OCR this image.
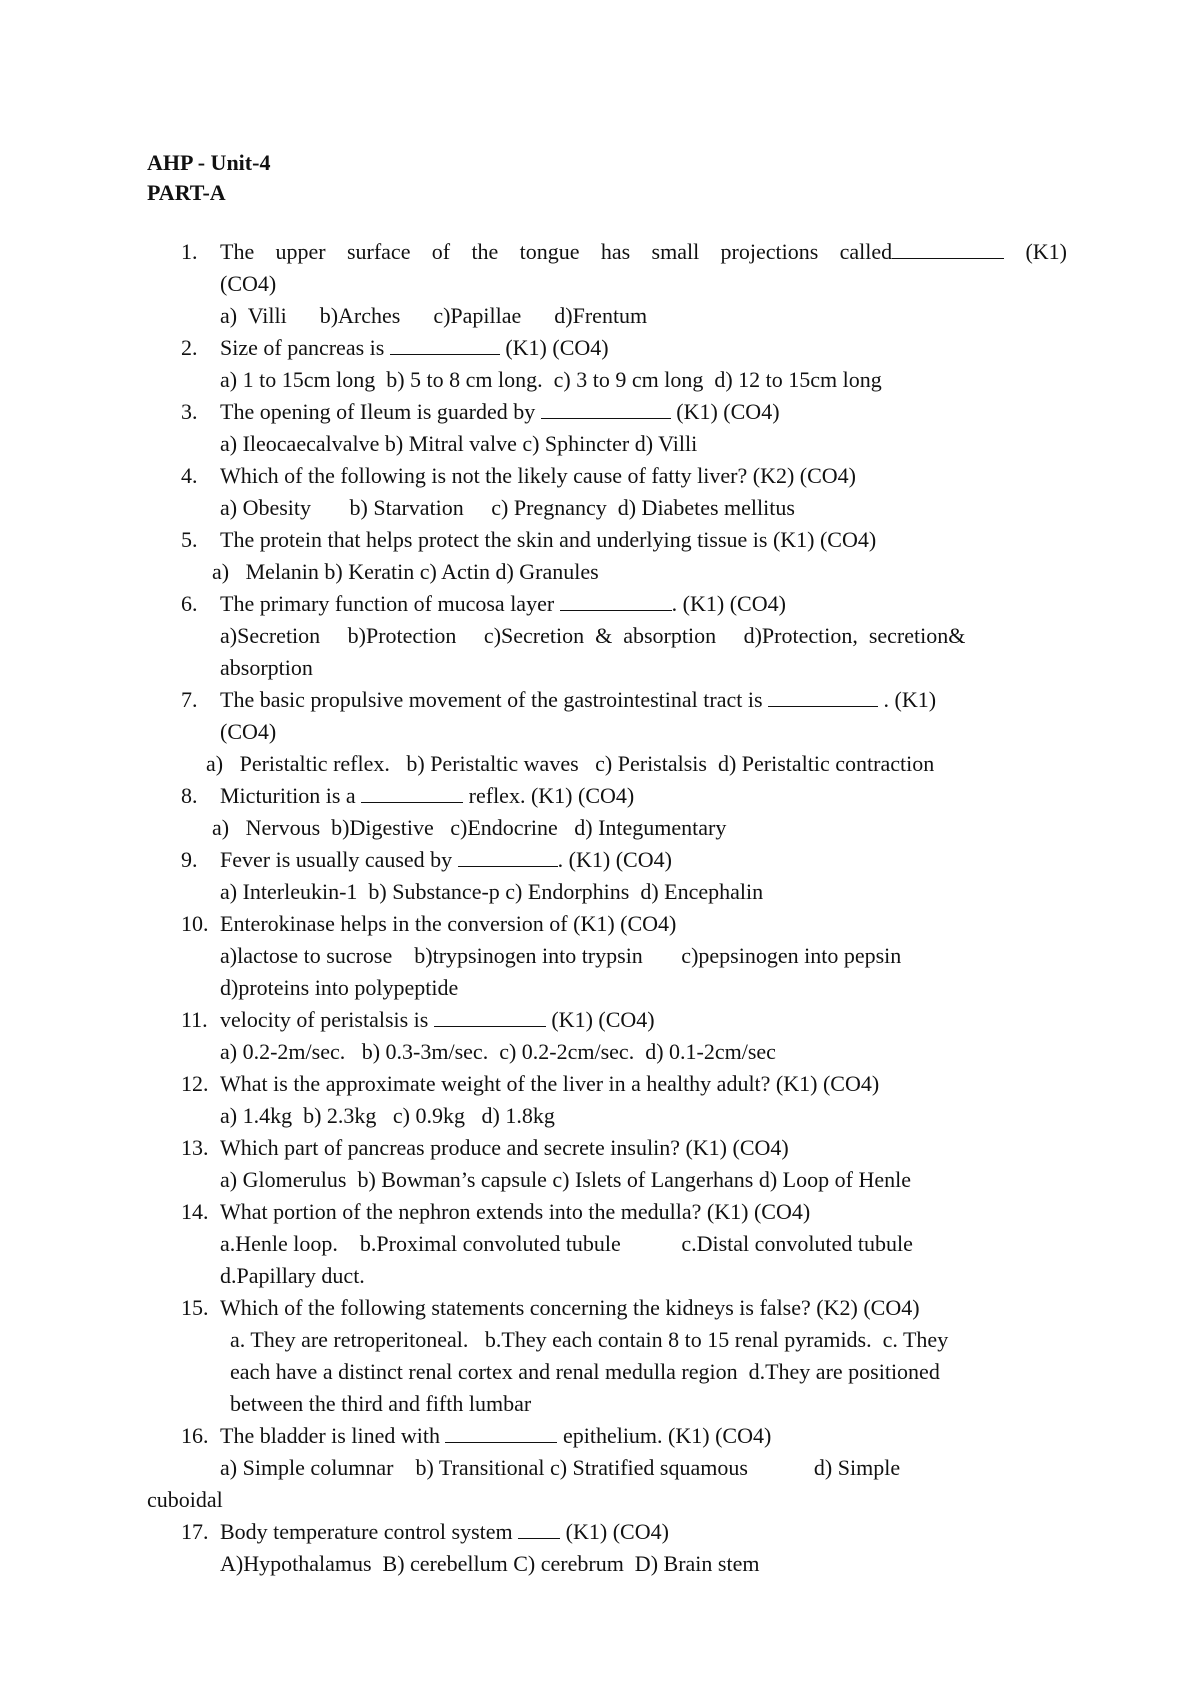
AHP - Unit-4

PART-A

1. The upper surface of the tongue has small projections called	(K1)
(CO4)
a)  Villi      b)Arches      c)Papillae      d)Frentum
2. Size of pancreas is	(K1) (CO4)
a) 1 to 15cm long  b) 5 to 8 cm long.  c) 3 to 9 cm long  d) 12 to 15cm long
3. The opening of Ileum is guarded by	(K1) (CO4)
a) Ileocaecalvalve b) Mitral valve c) Sphincter d) Villi
4. Which of the following is not the likely cause of fatty liver? (K2) (CO4)
a) Obesity       b) Starvation     c) Pregnancy  d) Diabetes mellitus
5. The protein that helps protect the skin and underlying tissue is (K1) (CO4)
a)   Melanin b) Keratin c) Actin d) Granules
6. The primary function of mucosa layer	. (K1) (CO4)
a)Secretion     b)Protection     c)Secretion  &  absorption     d)Protection,  secretion&
absorption
7. The basic propulsive movement of the gastrointestinal tract is	. (K1)
(CO4)
a)   Peristaltic reflex.   b) Peristaltic waves   c) Peristalsis  d) Peristaltic contraction
8. Micturition is a	reflex. (K1) (CO4)
a)   Nervous  b)Digestive   c)Endocrine   d) Integumentary
9. Fever is usually caused by	. (K1) (CO4)
a) Interleukin-1  b) Substance-p c) Endorphins  d) Encephalin
10. Enterokinase helps in the conversion of (K1) (CO4)
a)lactose to sucrose    b)trypsinogen into trypsin       c)pepsinogen into pepsin
d)proteins into polypeptide
11. velocity of peristalsis is	(K1) (CO4)
a) 0.2-2m/sec.   b) 0.3-3m/sec.  c) 0.2-2cm/sec.  d) 0.1-2cm/sec
12. What is the approximate weight of the liver in a healthy adult? (K1) (CO4)
a) 1.4kg  b) 2.3kg   c) 0.9kg   d) 1.8kg
13. Which part of pancreas produce and secrete insulin? (K1) (CO4)
a) Glomerulus  b) Bowman’s capsule c) Islets of Langerhans d) Loop of Henle
14. What portion of the nephron extends into the medulla? (K1) (CO4)
a.Henle loop.    b.Proximal convoluted tubule           c.Distal convoluted tubule
d.Papillary duct.
15. Which of the following statements concerning the kidneys is false? (K2) (CO4)
a. They are retroperitoneal.   b.They each contain 8 to 15 renal pyramids.  c. They
each have a distinct renal cortex and renal medulla region  d.They are positioned
between the third and fifth lumbar
16. The bladder is lined with	epithelium. (K1) (CO4)
a) Simple columnar    b) Transitional c) Stratified squamous            d) Simple
cuboidal
17. Body temperature control system  (K1) (CO4)
A)Hypothalamus  B) cerebellum C) cerebrum  D) Brain stem
